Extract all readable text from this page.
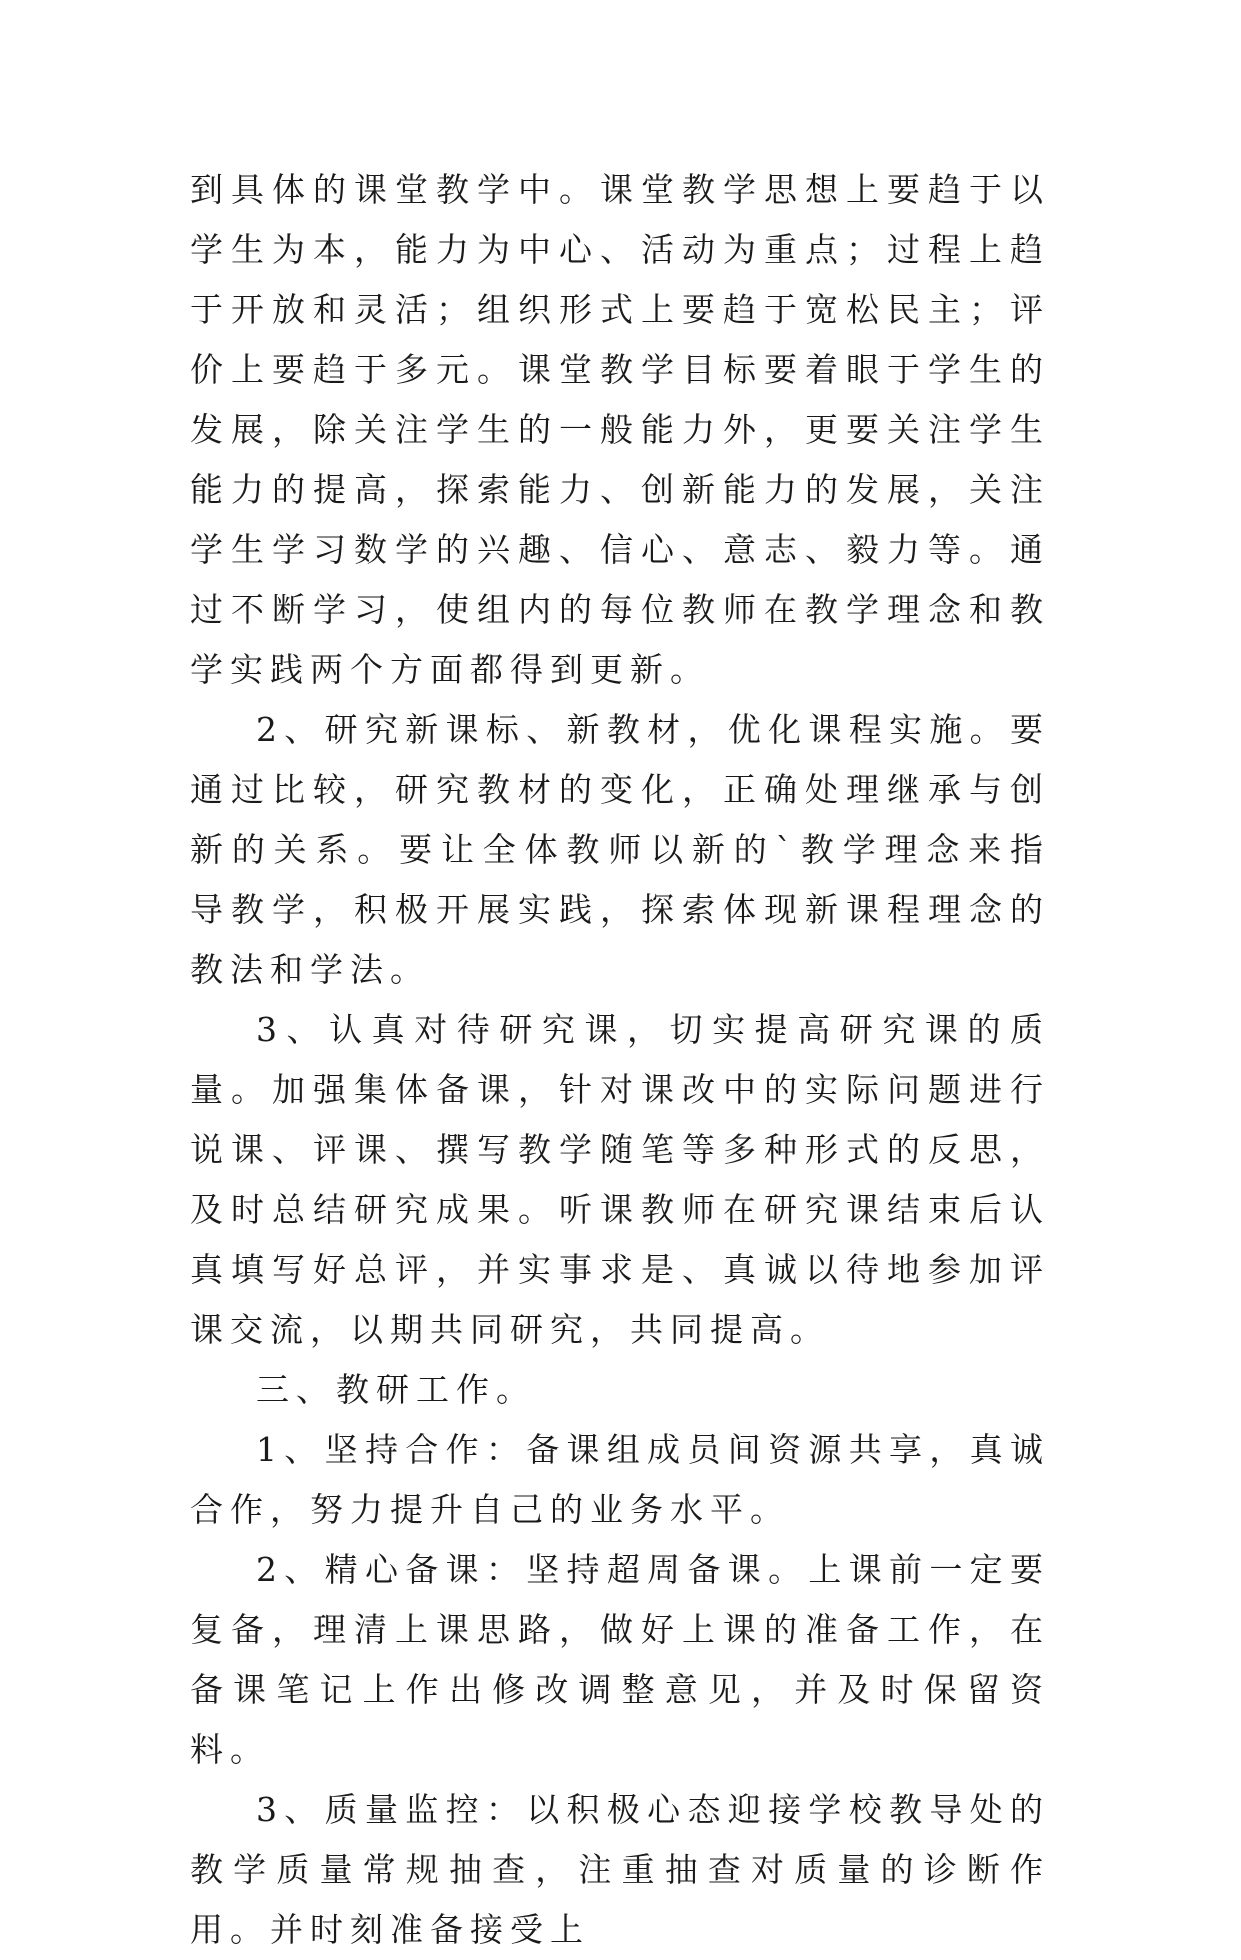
到具体的课堂教学中。课堂教学思想上要趋于以学生为本，能力为中心、活动为重点；过程上趋于开放和灵活；组织形式上要趋于宽松民主；评价上要趋于多元。课堂教学目标要着眼于学生的发展，除关注学生的一般能力外，更要关注学生能力的提高，探索能力、创新能力的发展，关注学生学习数学的兴趣、信心、意志、毅力等。通过不断学习，使组内的每位教师在教学理念和教学实践两个方面都得到更新。

2、研究新课标、新教材，优化课程实施。要通过比较，研究教材的变化，正确处理继承与创新的关系。要让全体教师以新的`教学理念来指导教学，积极开展实践，探索体现新课程理念的教法和学法。

3、认真对待研究课，切实提高研究课的质量。加强集体备课，针对课改中的实际问题进行说课、评课、撰写教学随笔等多种形式的反思，及时总结研究成果。听课教师在研究课结束后认真填写好总评，并实事求是、真诚以待地参加评课交流，以期共同研究，共同提高。

三、教研工作。

1、坚持合作：备课组成员间资源共享，真诚合作，努力提升自己的业务水平。

2、精心备课：坚持超周备课。上课前一定要复备，理清上课思路，做好上课的准备工作，在备课笔记上作出修改调整意见，并及时保留资料。

3、质量监控：以积极心态迎接学校教导处的教学质量常规抽查，注重抽查对质量的诊断作用。并时刻准备接受上
